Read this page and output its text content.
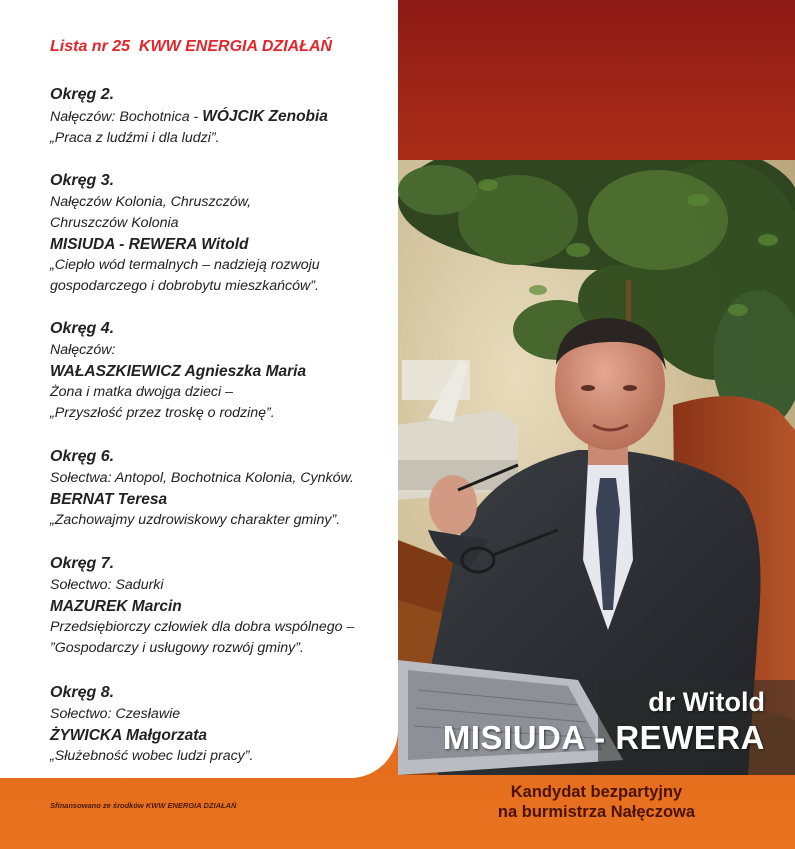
Lista nr 25  KWW ENERGIA DZIAŁAŃ
Okręg 2.
Nałęczów: Bochotnica - WÓJCIK Zenobia
„Praca z ludźmi i dla ludzi”.
Okręg 3.
Nałęczów Kolonia, Chruszczów,
Chruszczów Kolonia
MISIUDA - REWERA Witold
„Ciepło wód termalnych – nadzieją rozwoju
gospodarczego i dobrobytu mieszkańców”.
Okręg 4.
Nałęczów:
WAŁASZKIEWICZ Agnieszka Maria
Żona i matka dwojga dzieci –
„Przyszłość przez troskę o rodzinę”.
Okręg 6.
Sołectwa: Antopol, Bochotnica Kolonia, Cynków.
BERNAT Teresa
„Zachowajmy uzdrowiskowy charakter gminy”.
Okręg 7.
Sołectwo: Sadurki
MAZUREK Marcin
Przedsiębiorczy człowiek dla dobra wspólnego –
”Gospodarczy i usługowy rozwój gminy”.
Okręg 8.
Sołectwo: Czesławie
ŻYWICKA Małgorzata
„Służebność wobec ludzi pracy”.
Sfinansowano ze środków KWW ENERGIA DZIAŁAŃ
dr Witold
MISIUDA - REWERA
Kandydat bezpartyjny
na burmistrza Nałęczowa
